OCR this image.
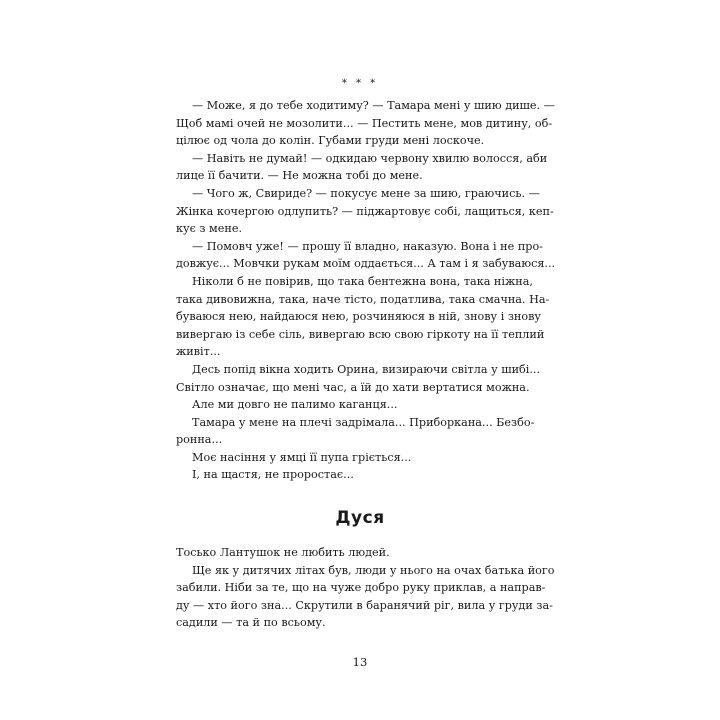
* * *
— Може, я до тебе ходитиму? — Тамара мені у шию дише. —
Щоб мамі очей не мозолити... — Пестить мене, мов дитину, об-
цілює од чола до колін. Губами груди мені лоскоче.
— Навіть не думай! — одкидаю червону хвилю волосся, аби
лице її бачити. — Не можна тобі до мене.
— Чого ж, Свириде? — покусує мене за шию, граючись. —
Жінка кочергою одлупить? — піджартовує собі, лащиться, кеп-
кує з мене.
— Помовч уже! — прошу її владно, наказую. Вона і не про-
довжує... Мовчки рукам моїм оддається... А там і я забуваюся...
Ніколи б не повірив, що така бентежна вона, така ніжна,
така дивовижна, така, наче тісто, податлива, така смачна. На-
буваюся нею, найдаюся нею, розчиняюся в ній, знову і знову
вивергаю із себе сіль, вивергаю всю свою гіркоту на її теплий
живіт...
Десь попід вікна ходить Орина, визираючи світла у шибі...
Світло означає, що мені час, а їй до хати вертатися можна.
Але ми довго не палимо каганця...
Тамара у мене на плечі задрімала... Приборкана... Безбо-
ронна...
Моє насіння у ямці її пупа гріється...
І, на щастя, не проростає...
Дуся
Тосько Лантушок не любить людей.
Ще як у дитячих літах був, люди у нього на очах батька його
забили. Ніби за те, що на чуже добро руку приклав, а направ-
ду — хто його зна... Скрутили в баранячий ріг, вила у груди за-
садили — та й по всьому.
13
